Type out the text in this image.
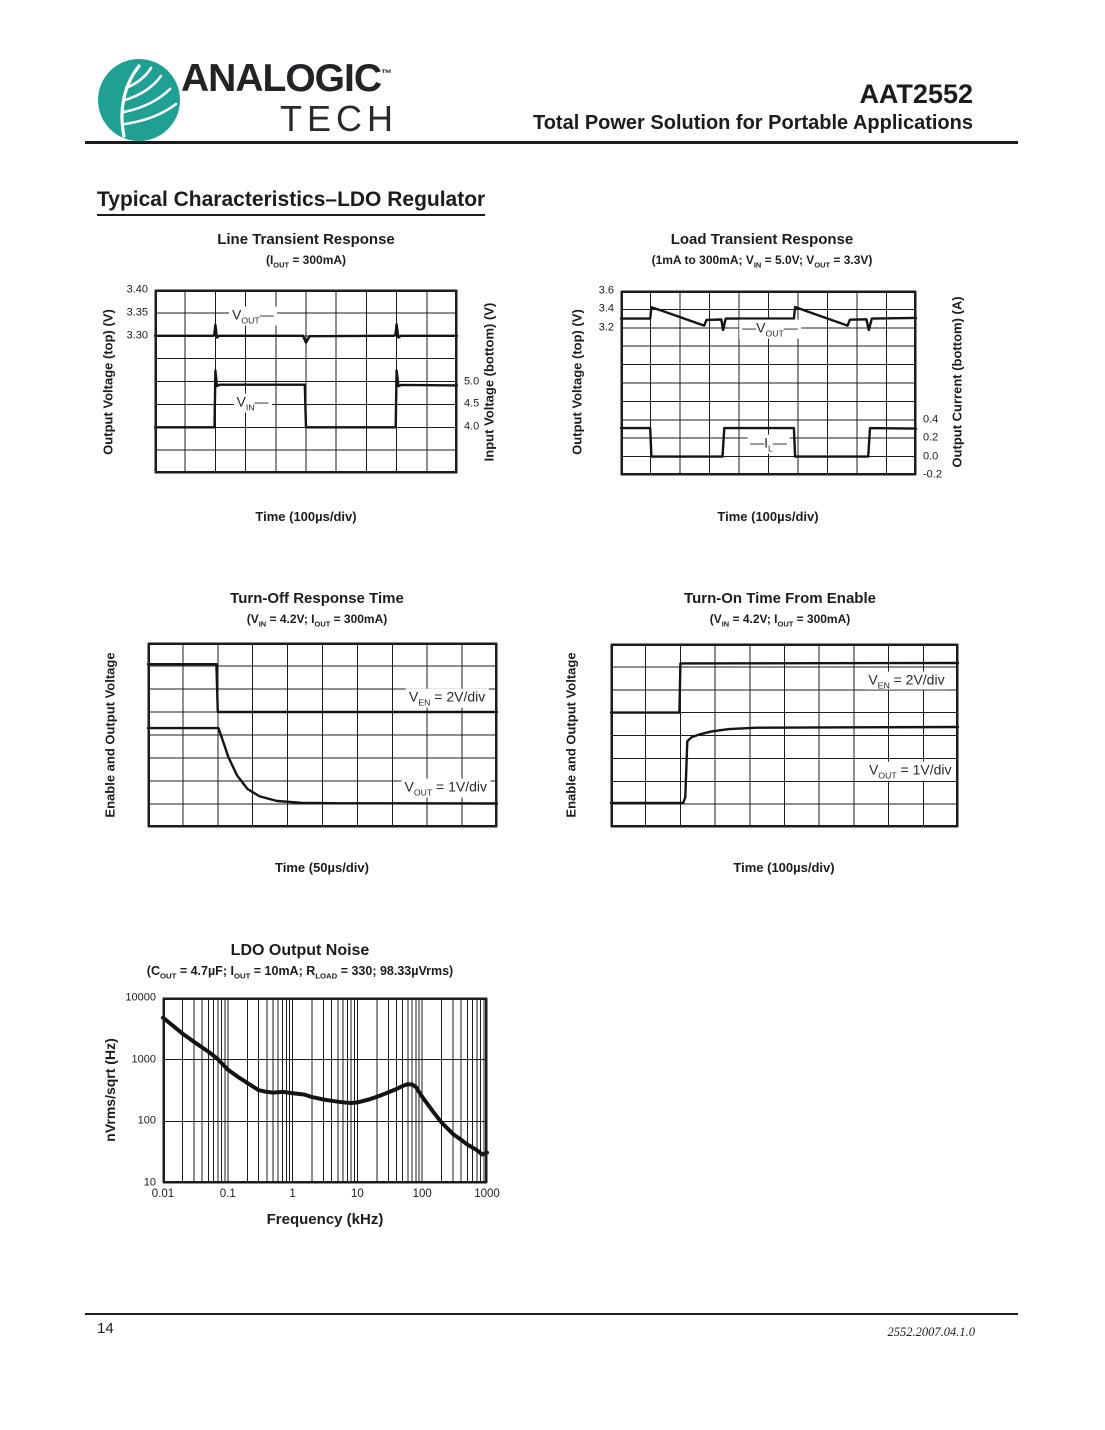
ANALOGIC™
TECH
AAT2552
Total Power Solution for Portable Applications
Typical Characteristics–LDO Regulator
Line Transient Response
$(I_{OUT} = 300mA)$
Output Voltage (top) (V)	Input Voltage (bottom) (V)
3.40
3.35
3.30
5.0
4.5
4.0
$V_{OUT}—$
$V_{IN}—$
Time (100µs/div)
Load Transient Response
(1mA to 300mA; $V_{IN} = 5.0V$; $V_{OUT} = 3.3V$)
Output Voltage (top) (V)	Output Current (bottom) (A)
3.6
3.4
3.2
0.4
0.2
0.0
-0.2
$—V_{OUT}—$
$—I_L—$
Time (100µs/div)
Turn-Off Response Time
($V_{IN} = 4.2V$; $I_{OUT} = 300mA$)
Enable and Output Voltage	$V_{EN} = 2V/div$
$V_{OUT} = 1V/div$
Time (50µs/div)
Turn-On Time From Enable
($V_{IN} = 4.2V$; $I_{OUT} = 300mA$)
Enable and Output Voltage	$V_{EN} = 2V/div$
$V_{OUT} = 1V/div$
Time (100µs/div)
LDO Output Noise
($C_{OUT} = 4.7\mu F$; $I_{OUT} = 10mA$; $R_{LOAD} = 330$; 98.33µVrms)
nVrms/sqrt (Hz)
10000
1000
100
10
0.01	0.1	1	10	100	1000
Frequency (kHz)
14	2552.2007.04.1.0
